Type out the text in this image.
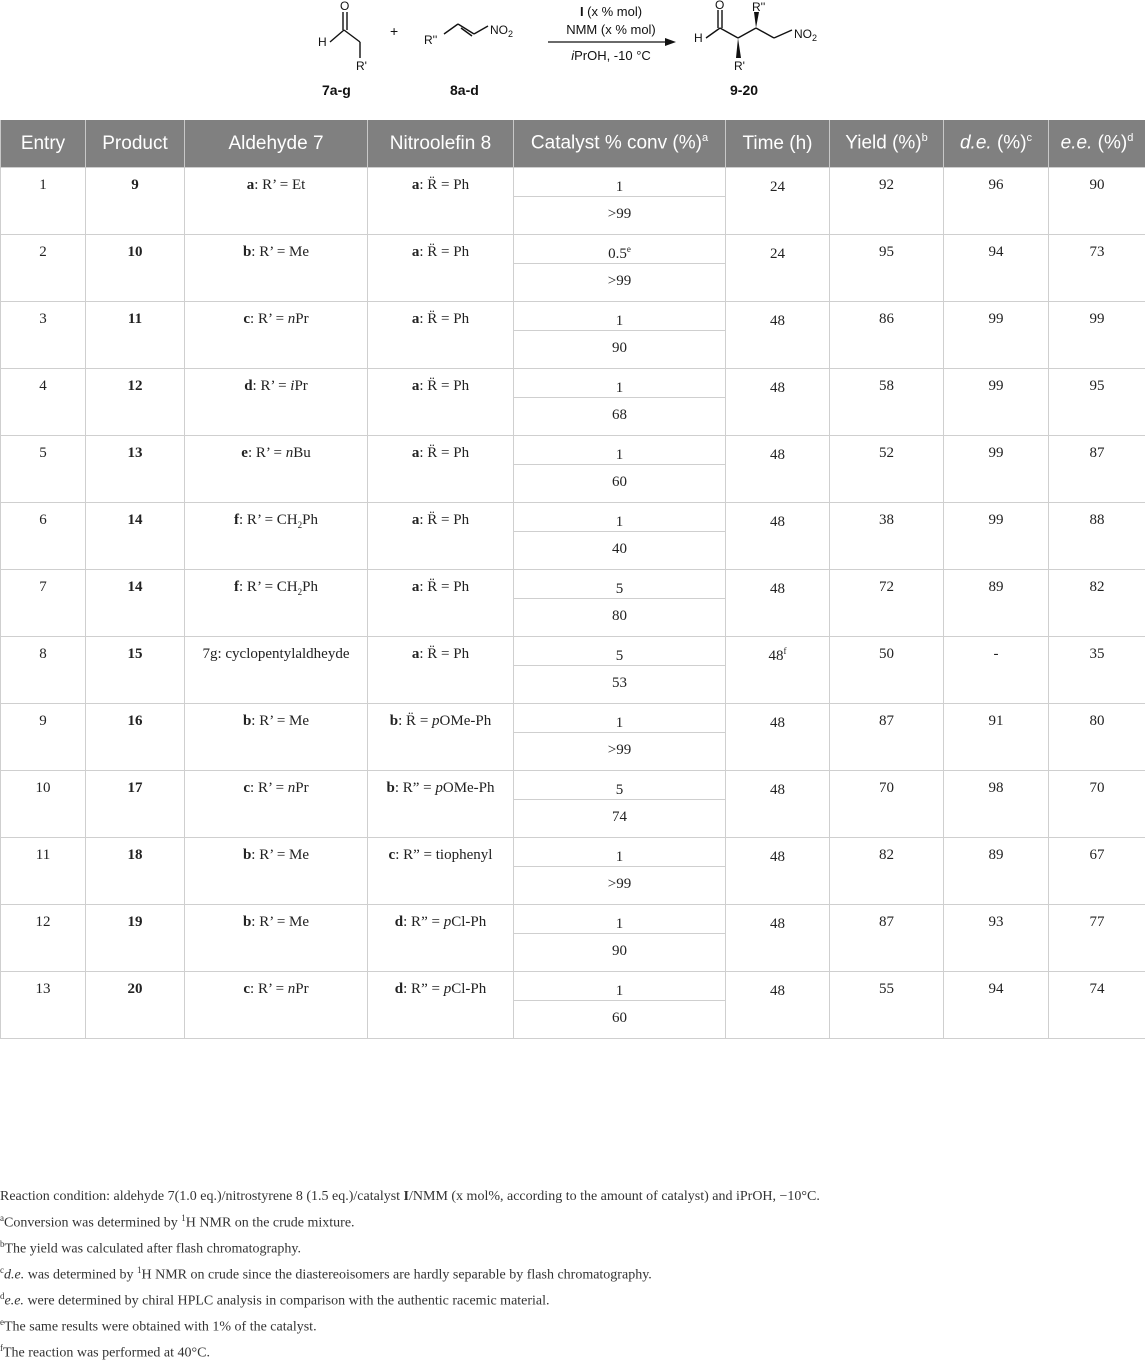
H
O
R'
7a-g
+
R''
$NO_2$
8a-d
I (x % mol)
NMM (x % mol)
iPrOH, -10 °C
H
O R''
R'
$NO_2$
9-20
Entry	Product	Aldehyde 7	Nitroolefin 8	Catalyst % conv (%)$^a$	Time (h)	Yield (%)$^b$	d.e. (%)$^c$	e.e. (%)$^d$
1	9	a: R’ = Et	a: R̈ = Ph	1	24	92	96	90
				>99				
2	10	b: R’ = Me	a: R̈ = Ph	0.5e	24	95	94	73
				>99				
3	11	c: R’ = nPr	a: R̈ = Ph	1	48	86	99	99
				90				
4	12	d: R’ = iPr	a: R̈ = Ph	1	48	58	99	95
				68				
5	13	e: R’ = nBu	a: R̈ = Ph	1	48	52	99	87
				60				
6	14	f: R’ = $CH_2Ph$	a: R̈ = Ph	1	48	38	99	88
				40				
7	14	f: R’ = $CH_2Ph$	a: R̈ = Ph	5	48	72	89	82
				80				
8	15	7g: cyclopentylaldheyde	a: R̈ = Ph	5	48$^f$	50	-	35
				53				
9	16	b: R’ = Me	b: R̈ = pOMe-Ph	1	48	87	91	80
				>99				
10	17	c: R’ = nPr	b: R” = pOMe-Ph	5	48	70	98	70
				74				
11	18	b: R’ = Me	c: R” = tiophenyl	1	48	82	89	67
				>99				
12	19	b: R’ = Me	d: R” = pCl-Ph	1	48	87	93	77
				90				
13	20	c: R’ = nPr	d: R” = pCl-Ph	1	48	55	94	74
				60				
Reaction condition: aldehyde 7(1.0 eq.)/nitrostyrene 8 (1.5 eq.)/catalyst I/NMM (x mol%, according to the amount of catalyst) and iPrOH, −10°C.
$^a$Conversion was determined by $^1$H NMR on the crude mixture.
$^b$The yield was calculated after flash chromatography.
$^c$d.e. was determined by $^1$H NMR on crude since the diastereoisomers are hardly separable by flash chromatography.
$^d$e.e. were determined by chiral HPLC analysis in comparison with the authentic racemic material.
$^e$The same results were obtained with 1% of the catalyst.
$^f$The reaction was performed at 40°C.
